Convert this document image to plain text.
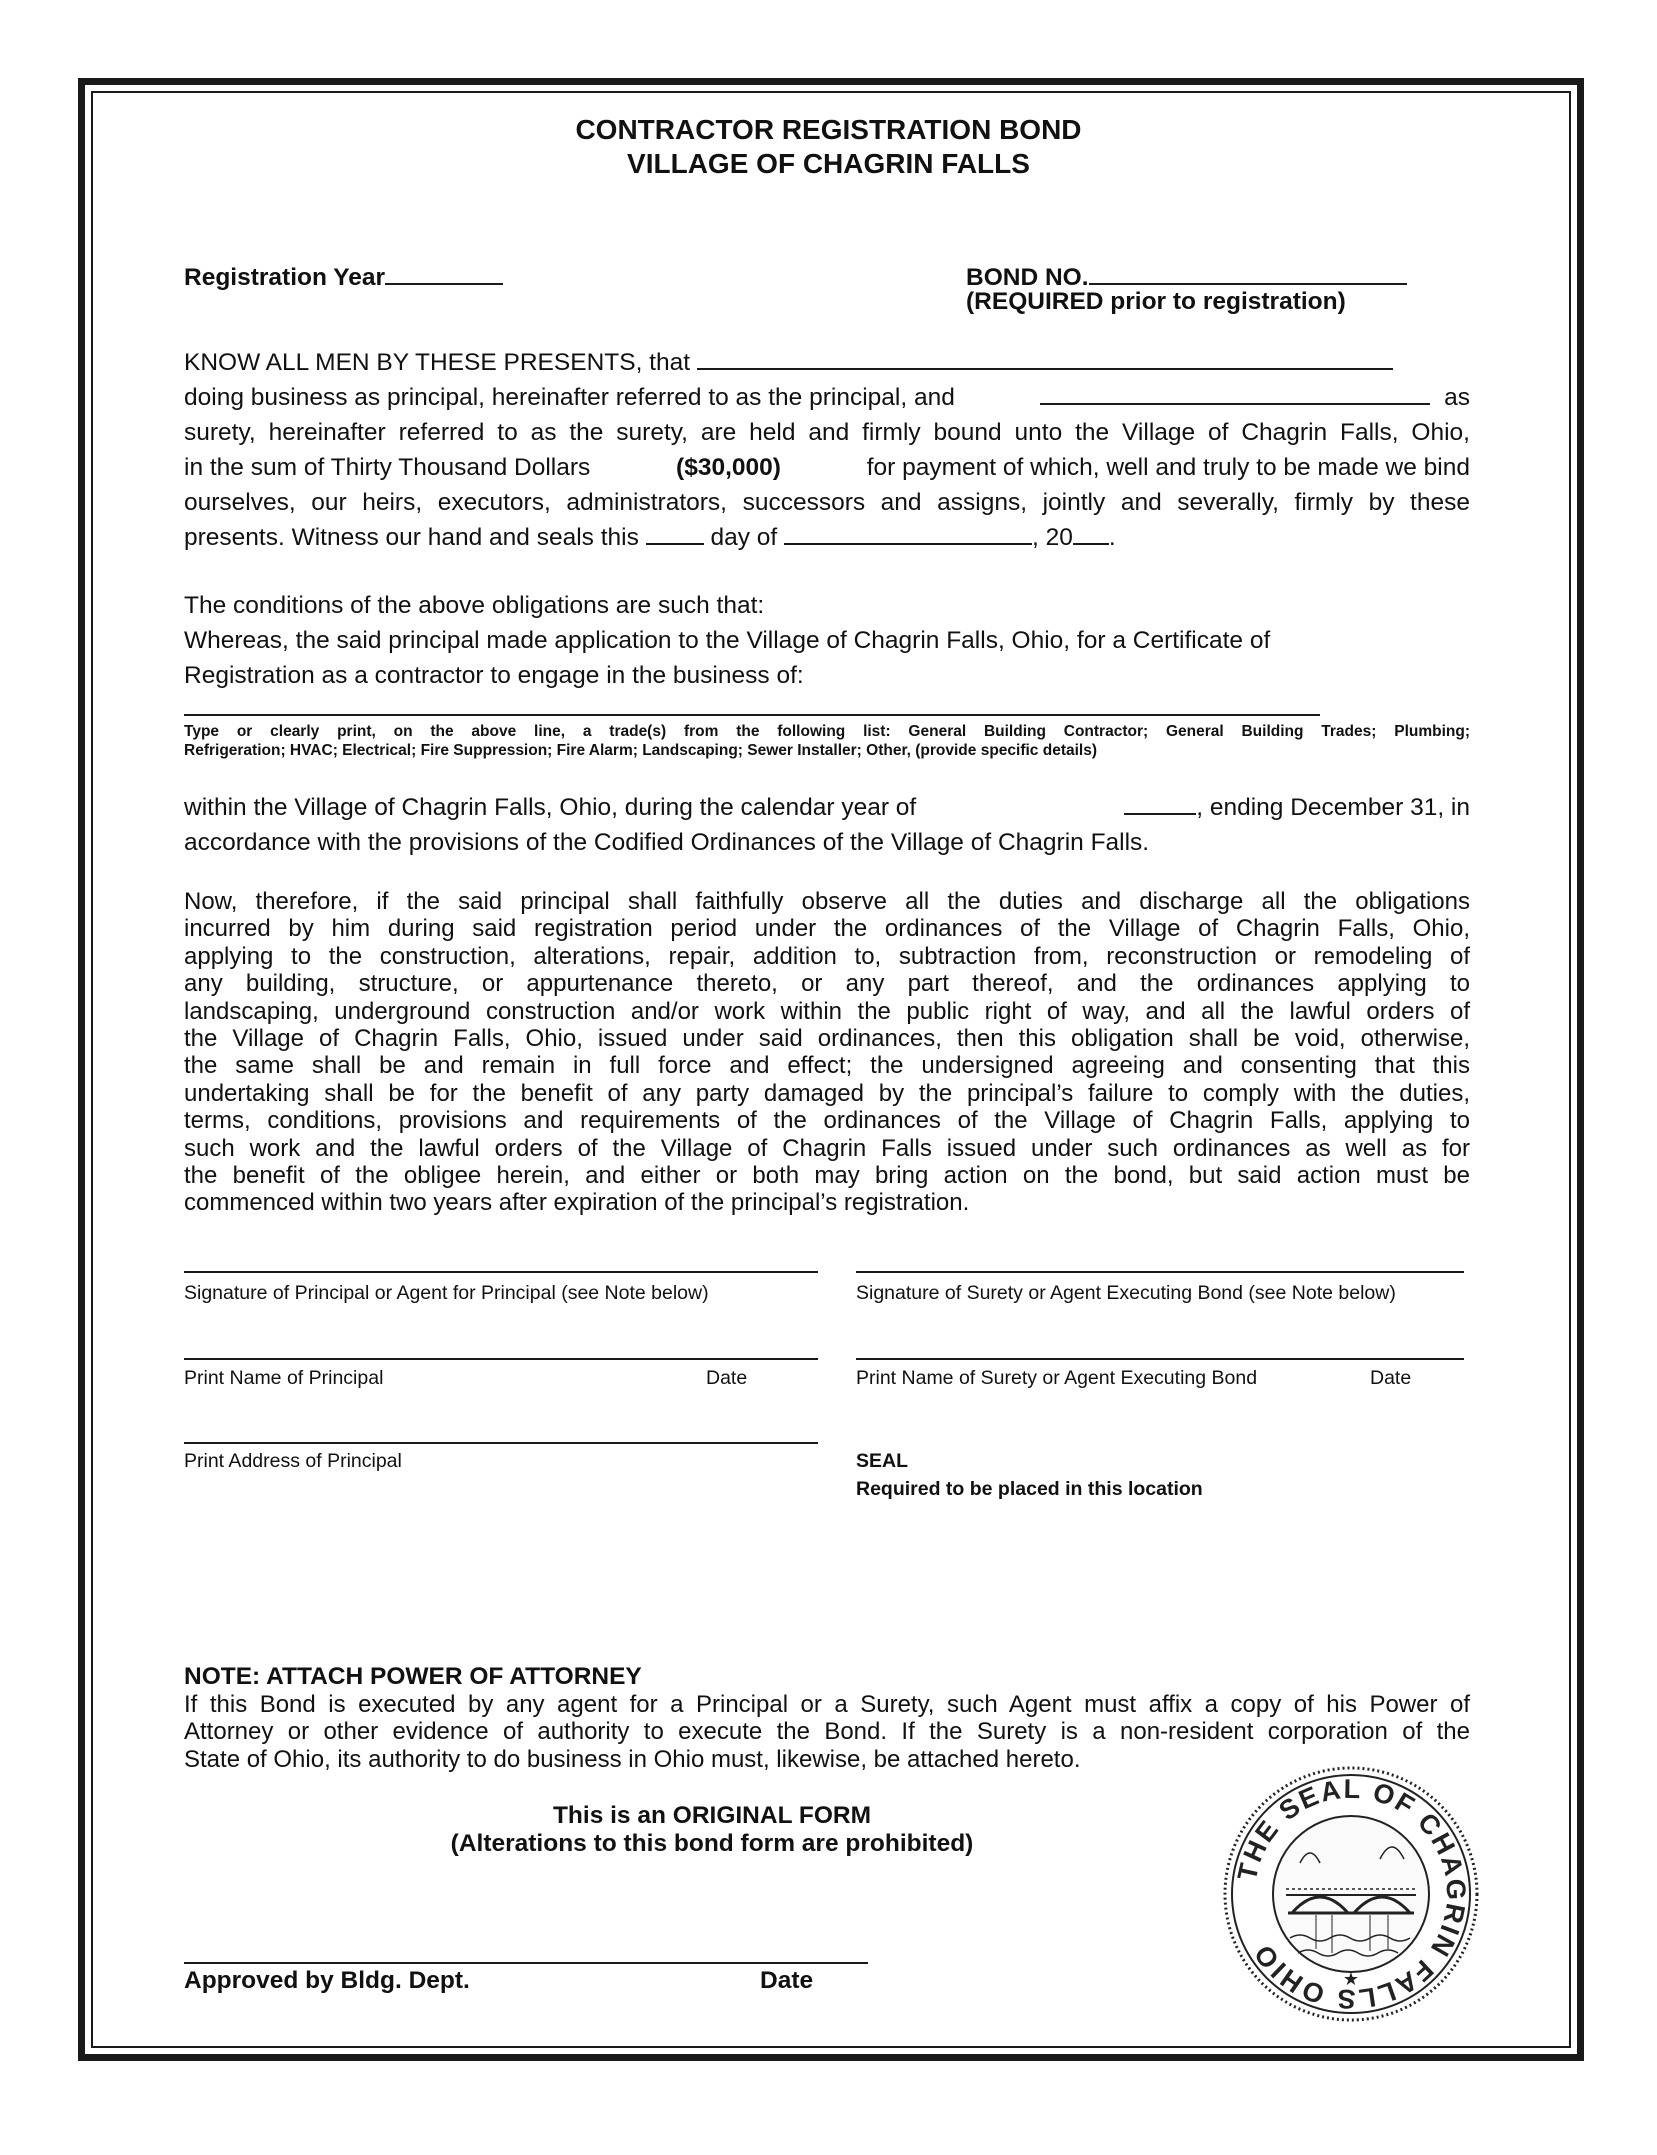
CONTRACTOR REGISTRATION BOND
VILLAGE OF CHAGRIN FALLS
Registration Year	BOND NO.
(REQUIRED prior to registration)
KNOW ALL MEN BY THESE PRESENTS, that
doing business as principal, hereinafter referred to as the principal, and	as
surety, hereinafter referred to as the surety, are held and firmly bound unto the Village of Chagrin Falls, Ohio,
in the sum of Thirty Thousand Dollars	($30,000)	for payment of which, well and truly to be made we bind
ourselves, our heirs, executors, administrators, successors and assigns, jointly and severally, firmly by these
presents. Witness our hand and seals this	day of	, 20 .
The conditions of the above obligations are such that:
Whereas, the said principal made application to the Village of Chagrin Falls, Ohio, for a Certificate of
Registration as a contractor to engage in the business of:
Type or clearly print, on the above line, a trade(s) from the following list: General Building Contractor; General Building Trades; Plumbing;
Refrigeration; HVAC; Electrical; Fire Suppression; Fire Alarm; Landscaping; Sewer Installer; Other, (provide specific details)
within the Village of Chagrin Falls, Ohio, during the calendar year of	, ending December 31, in
accordance with the provisions of the Codified Ordinances of the Village of Chagrin Falls.
Now, therefore, if the said principal shall faithfully observe all the duties and discharge all the obligations
incurred by him during said registration period under the ordinances of the Village of Chagrin Falls, Ohio,
applying to the construction, alterations, repair, addition to, subtraction from, reconstruction or remodeling of
any building, structure, or appurtenance thereto, or any part thereof, and the ordinances applying to
landscaping, underground construction and/or work within the public right of way, and all the lawful orders of
the Village of Chagrin Falls, Ohio, issued under said ordinances, then this obligation shall be void, otherwise,
the same shall be and remain in full force and effect; the undersigned agreeing and consenting that this
undertaking shall be for the benefit of any party damaged by the principal’s failure to comply with the duties,
terms, conditions, provisions and requirements of the ordinances of the Village of Chagrin Falls, applying to
such work and the lawful orders of the Village of Chagrin Falls issued under such ordinances as well as for
the benefit of the obligee herein, and either or both may bring action on the bond, but said action must be
commenced within two years after expiration of the principal’s registration.
Signature of Principal or Agent for Principal (see Note below)	Signature of Surety or Agent Executing Bond (see Note below)
Print Name of Principal	Date	Print Name of Surety or Agent Executing Bond	Date
Print Address of Principal	SEAL
Required to be placed in this location
NOTE: ATTACH POWER OF ATTORNEY
If this Bond is executed by any agent for a Principal or a Surety, such Agent must affix a copy of his Power of
Attorney or other evidence of authority to execute the Bond. If the Surety is a non-resident corporation of the
State of Ohio, its authority to do business in Ohio must, likewise, be attached hereto.
This is an ORIGINAL FORM
(Alterations to this bond form are prohibited)
THE SEAL OF CHAGRIN FALLS OHIO
★
Approved by Bldg. Dept.	Date
